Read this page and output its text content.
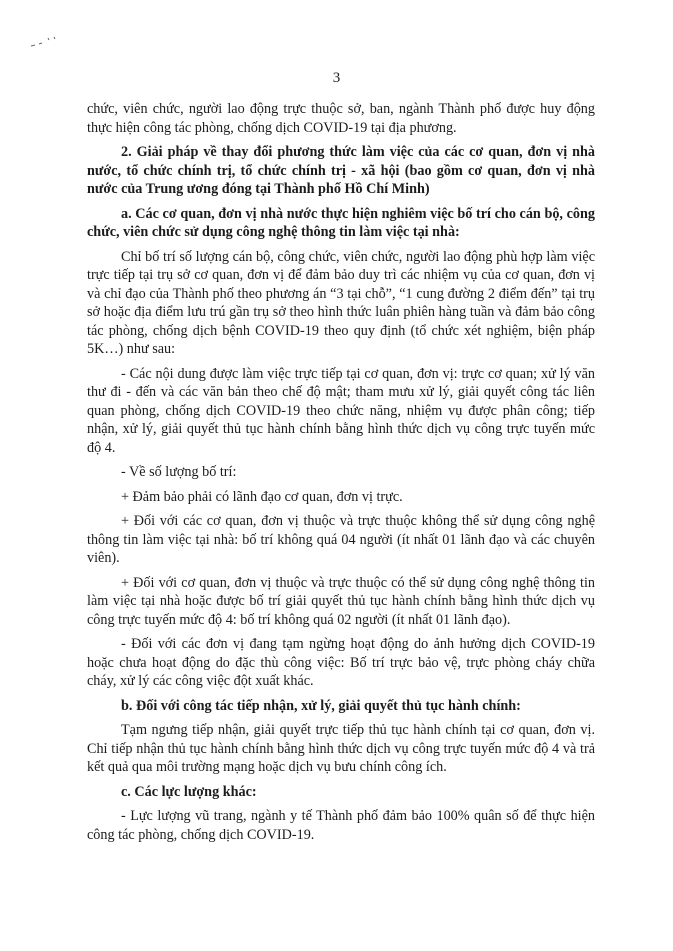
3

chức, viên chức, người lao động trực thuộc sở, ban, ngành Thành phố được huy động thực hiện công tác phòng, chống dịch COVID-19 tại địa phương.

2. Giải pháp về thay đổi phương thức làm việc của các cơ quan, đơn vị nhà nước, tổ chức chính trị, tổ chức chính trị - xã hội (bao gồm cơ quan, đơn vị nhà nước của Trung ương đóng tại Thành phố Hồ Chí Minh)

a. Các cơ quan, đơn vị nhà nước thực hiện nghiêm việc bố trí cho cán bộ, công chức, viên chức sử dụng công nghệ thông tin làm việc tại nhà:

Chỉ bố trí số lượng cán bộ, công chức, viên chức, người lao động phù hợp làm việc trực tiếp tại trụ sở cơ quan, đơn vị để đảm bảo duy trì các nhiệm vụ của cơ quan, đơn vị và chỉ đạo của Thành phố theo phương án “3 tại chỗ”, “1 cung đường 2 điểm đến” tại trụ sở hoặc địa điểm lưu trú gần trụ sở theo hình thức luân phiên hàng tuần và đảm bảo công tác phòng, chống dịch bệnh COVID-19 theo quy định (tổ chức xét nghiệm, biện pháp 5K…) như sau:

- Các nội dung được làm việc trực tiếp tại cơ quan, đơn vị: trực cơ quan; xử lý văn thư đi - đến và các văn bản theo chế độ mật; tham mưu xử lý, giải quyết công tác liên quan phòng, chống dịch COVID-19 theo chức năng, nhiệm vụ được phân công; tiếp nhận, xử lý, giải quyết thủ tục hành chính bằng hình thức dịch vụ công trực tuyến mức độ 4.

- Về số lượng bố trí:

+ Đảm bảo phải có lãnh đạo cơ quan, đơn vị trực.

+ Đối với các cơ quan, đơn vị thuộc và trực thuộc không thể sử dụng công nghệ thông tin làm việc tại nhà: bố trí không quá 04 người (ít nhất 01 lãnh đạo và các chuyên viên).

+ Đối với cơ quan, đơn vị thuộc và trực thuộc có thể sử dụng công nghệ thông tin làm việc tại nhà hoặc được bố trí giải quyết thủ tục hành chính bằng hình thức dịch vụ công trực tuyến mức độ 4: bố trí không quá 02 người (ít nhất 01 lãnh đạo).

- Đối với các đơn vị đang tạm ngừng hoạt động do ảnh hưởng dịch COVID-19 hoặc chưa hoạt động do đặc thù công việc: Bố trí trực bảo vệ, trực phòng cháy chữa cháy, xử lý các công việc đột xuất khác.

b. Đối với công tác tiếp nhận, xử lý, giải quyết thủ tục hành chính:

Tạm ngưng tiếp nhận, giải quyết trực tiếp thủ tục hành chính tại cơ quan, đơn vị. Chỉ tiếp nhận thủ tục hành chính bằng hình thức dịch vụ công trực tuyến mức độ 4 và trả kết quả qua môi trường mạng hoặc dịch vụ bưu chính công ích.

c. Các lực lượng khác:

- Lực lượng vũ trang, ngành y tế Thành phố đảm bảo 100% quân số để thực hiện công tác phòng, chống dịch COVID-19.
